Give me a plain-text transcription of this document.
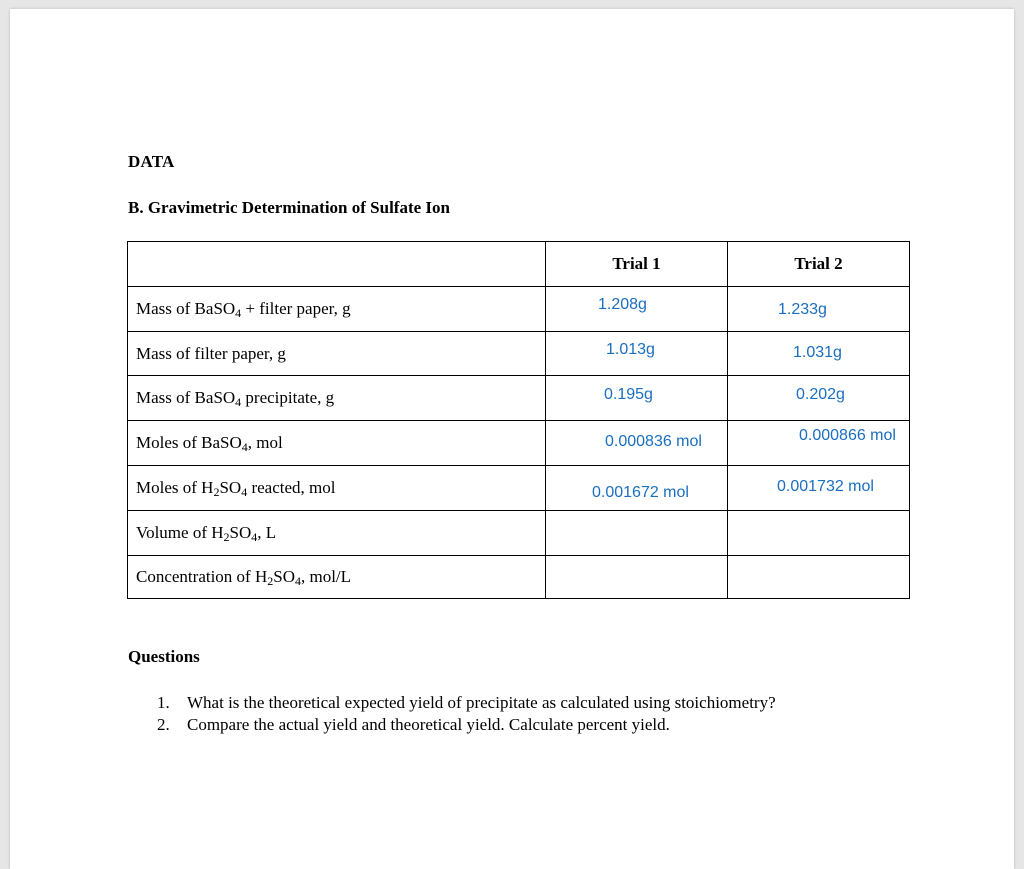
DATA
B. Gravimetric Determination of Sulfate Ion
	Trial 1	Trial 2
Mass of BaSO$_4$ + filter paper, g	1.208g	1.233g

Mass of filter paper, g	1.013g	1.031g

Mass of BaSO$_4$ precipitate, g	0.195g	0.202g

Moles of BaSO$_4$, mol	0.000836 mol	0.000866 mol

Moles of $H_2SO_4$ reacted, mol	0.001672 mol	0.001732 mol

Volume of $H_2SO_4$, L		
Concentration of $H_2SO_4$, mol/L		
Questions
1.	What is the theoretical expected yield of precipitate as calculated using stoichiometry?
2.	Compare the actual yield and theoretical yield. Calculate percent yield.
